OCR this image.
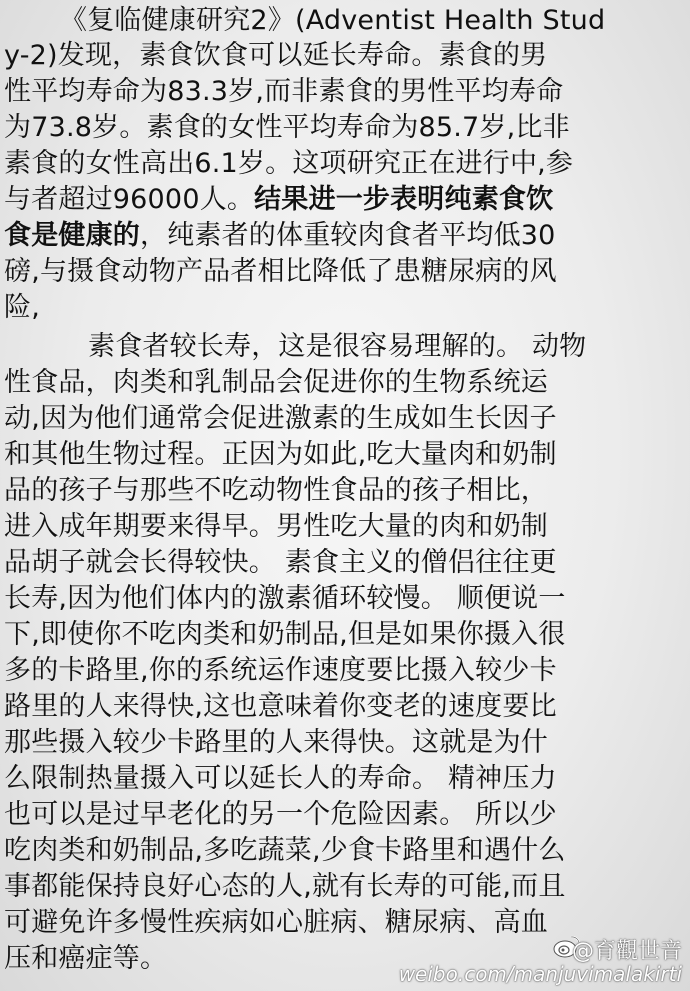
《复临健康研究2》(Adventist Health Stud
y-2)发现，素食饮食可以延长寿命。素食的男
性平均寿命为83.3岁,而非素食的男性平均寿命
为73.8岁。素食的女性平均寿命为85.7岁,比非
素食的女性高出6.1岁。这项研究正在进行中,参
与者超过96000人。结果进一步表明纯素食饮
食是健康的，纯素者的体重较肉食者平均低30
磅,与摄食动物产品者相比降低了患糖尿病的风
险,
素食者较长寿，这是很容易理解的。 动物
性食品，肉类和乳制品会促进你的生物系统运
动,因为他们通常会促进激素的生成如生长因子
和其他生物过程。正因为如此,吃大量肉和奶制
品的孩子与那些不吃动物性食品的孩子相比，
进入成年期要来得早。男性吃大量的肉和奶制
品胡子就会长得较快。 素食主义的僧侣往往更
长寿,因为他们体内的激素循环较慢。 顺便说一
下,即使你不吃肉类和奶制品,但是如果你摄入很
多的卡路里,你的系统运作速度要比摄入较少卡
路里的人来得快,这也意味着你变老的速度要比
那些摄入较少卡路里的人来得快。这就是为什
么限制热量摄入可以延长人的寿命。 精神压力
也可以是过早老化的另一个危险因素。 所以少
吃肉类和奶制品,多吃蔬菜,少食卡路里和遇什么
事都能保持良好心态的人,就有长寿的可能,而且
可避免许多慢性疾病如心脏病、糖尿病、高血
压和癌症等。	@育觀世音
weibo.com/manjuvimalakirti
